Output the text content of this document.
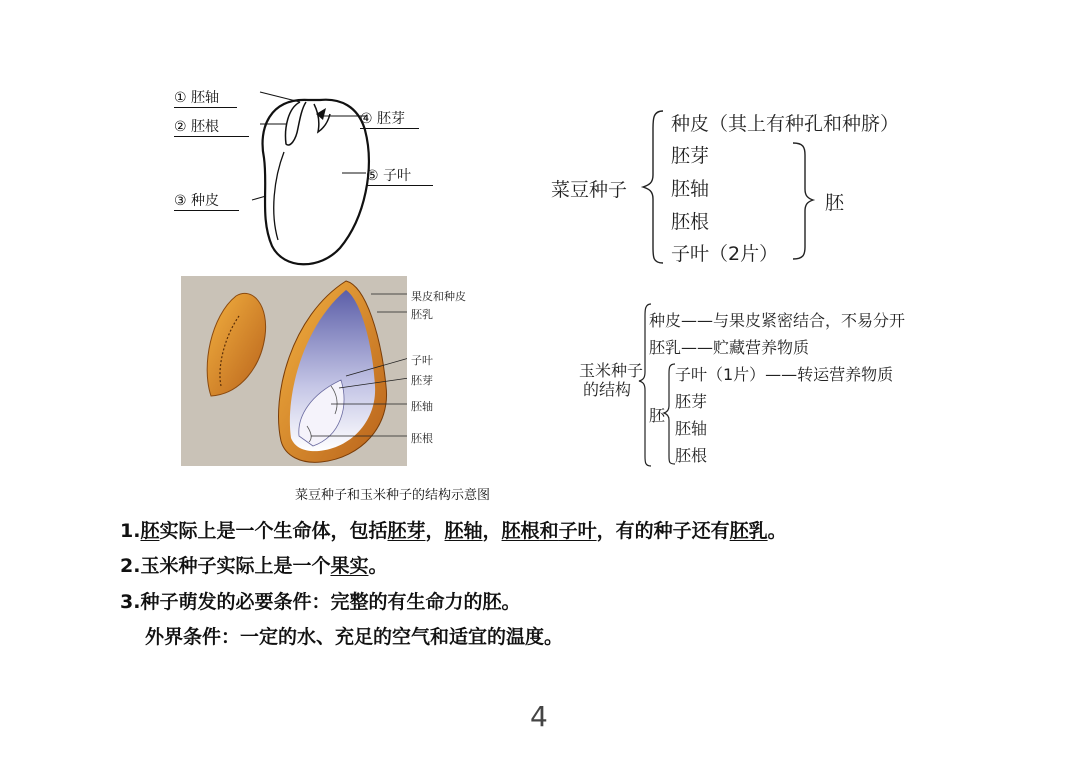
① 胚轴
② 胚根
③ 种皮
④ 胚芽
⑤ 子叶
菜豆种子
种皮（其上有种孔和种脐）
胚芽
胚轴
胚根
子叶（2片）
胚
果皮和种皮
胚乳
子叶
胚芽
胚轴
胚根
玉米种子
的结构
种皮——与果皮紧密结合，不易分开
胚乳——贮藏营养物质
胚
子叶（1片）——转运营养物质
胚芽
胚轴
胚根
菜豆种子和玉米种子的结构示意图

1.胚实际上是一个生命体，包括胚芽，胚轴，胚根和子叶，有的种子还有胚乳。

2.玉米种子实际上是一个果实。

3.种子萌发的必要条件：完整的有生命力的胚。

外界条件：一定的水、充足的空气和适宜的温度。

4
